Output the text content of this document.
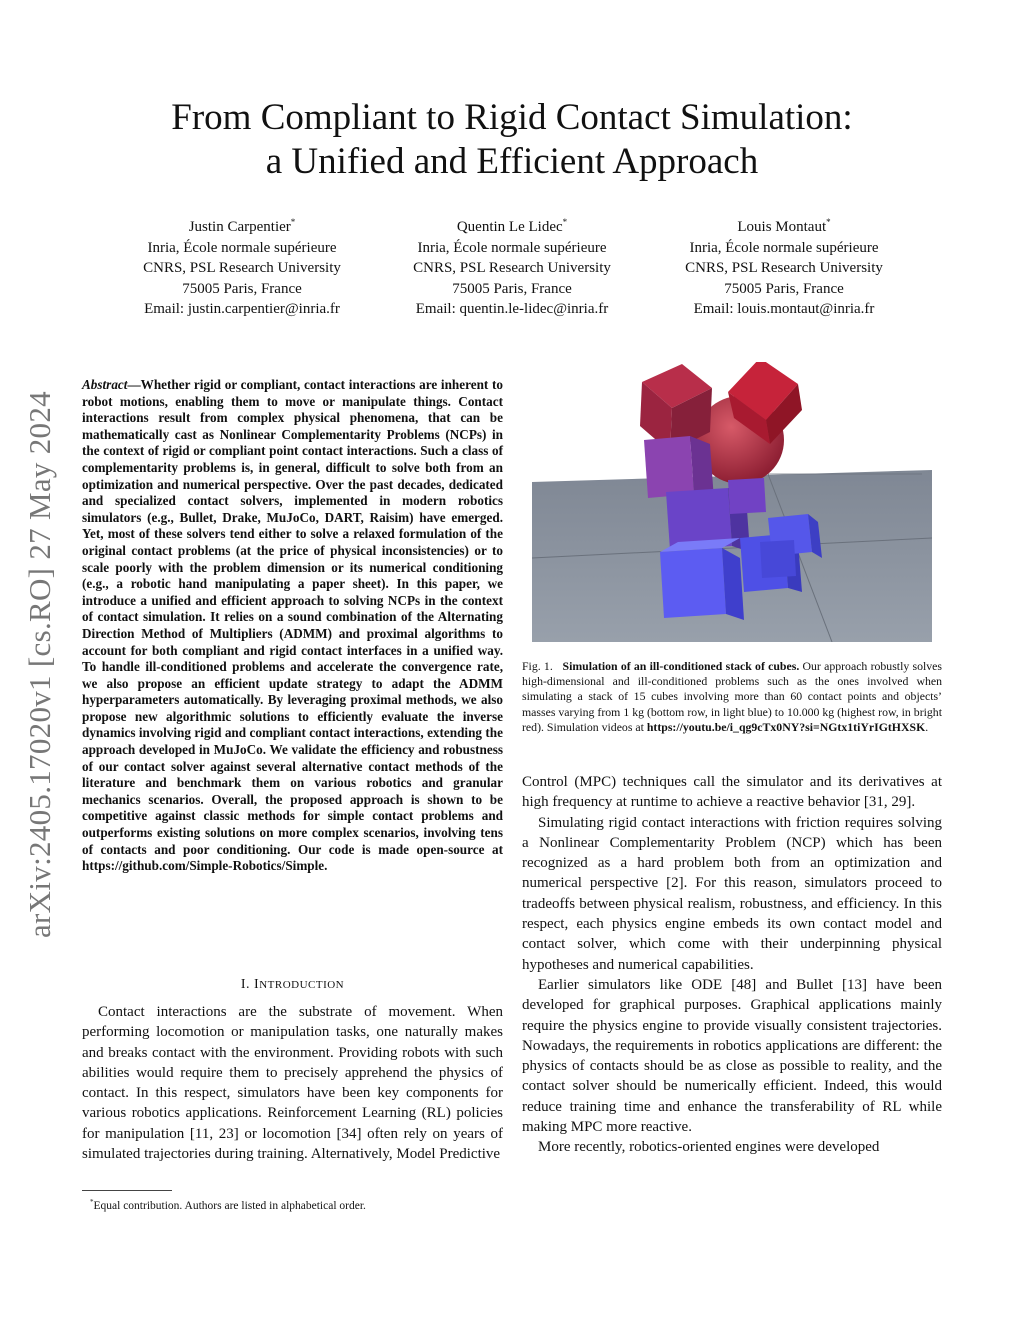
From Compliant to Rigid Contact Simulation:
a Unified and Efficient Approach
Justin Carpentier*
Inria, École normale supérieure
CNRS, PSL Research University
75005 Paris, France
Email: justin.carpentier@inria.fr
Quentin Le Lidec*
Inria, École normale supérieure
CNRS, PSL Research University
75005 Paris, France
Email: quentin.le-lidec@inria.fr
Louis Montaut*
Inria, École normale supérieure
CNRS, PSL Research University
75005 Paris, France
Email: louis.montaut@inria.fr
arXiv:2405.17020v1 [cs.RO] 27 May 2024

Abstract—Whether rigid or compliant, contact interactions are inherent to robot motions, enabling them to move or manipulate things. Contact interactions result from complex physical phenomena, that can be mathematically cast as Nonlinear Complementarity Problems (NCPs) in the context of rigid or compliant point contact interactions. Such a class of complementarity problems is, in general, difficult to solve both from an optimization and numerical perspective. Over the past decades, dedicated and specialized contact solvers, implemented in modern robotics simulators (e.g., Bullet, Drake, MuJoCo, DART, Raisim) have emerged. Yet, most of these solvers tend either to solve a relaxed formulation of the original contact problems (at the price of physical inconsistencies) or to scale poorly with the problem dimension or its numerical conditioning (e.g., a robotic hand manipulating a paper sheet). In this paper, we introduce a unified and efficient approach to solving NCPs in the context of contact simulation. It relies on a sound combination of the Alternating Direction Method of Multipliers (ADMM) and proximal algorithms to account for both compliant and rigid contact interfaces in a unified way. To handle ill-conditioned problems and accelerate the convergence rate, we also propose an efficient update strategy to adapt the ADMM hyperparameters automatically. By leveraging proximal methods, we also propose new algorithmic solutions to efficiently evaluate the inverse dynamics involving rigid and compliant contact interactions, extending the approach developed in MuJoCo. We validate the efficiency and robustness of our contact solver against several alternative contact methods of the literature and benchmark them on various robotics and granular mechanics scenarios. Overall, the proposed approach is shown to be competitive against classic methods for simple contact problems and outperforms existing solutions on more complex scenarios, involving tens of contacts and poor conditioning. Our code is made open-source at https://github.com/Simple-Robotics/Simple.

I. INTRODUCTION

Contact interactions are the substrate of movement. When performing locomotion or manipulation tasks, one naturally makes and breaks contact with the environment. Providing robots with such abilities would require them to precisely apprehend the physics of contact. In this respect, simulators have been key components for various robotics applications. Reinforcement Learning (RL) policies for manipulation [11, 23] or locomotion [34] often rely on years of simulated trajectories during training. Alternatively, Model Predictive

*Equal contribution. Authors are listed in alphabetical order.

Fig. 1. Simulation of an ill-conditioned stack of cubes. Our approach robustly solves high-dimensional and ill-conditioned problems such as the ones involved when simulating a stack of 15 cubes involving more than 60 contact points and objects’ masses varying from 1 kg (bottom row, in light blue) to 10.000 kg (highest row, in bright red). Simulation videos at https://youtu.be/i_qg9cTx0NY?si=NGtx1tiYrIGtHXSK.

Control (MPC) techniques call the simulator and its derivatives at high frequency at runtime to achieve a reactive behavior [31, 29].

Simulating rigid contact interactions with friction requires solving a Nonlinear Complementarity Problem (NCP) which has been recognized as a hard problem both from an optimization and numerical perspective [2]. For this reason, simulators proceed to tradeoffs between physical realism, robustness, and efficiency. In this respect, each physics engine embeds its own contact model and contact solver, which come with their underpinning physical hypotheses and numerical capabilities.

Earlier simulators like ODE [48] and Bullet [13] have been developed for graphical purposes. Graphical applications mainly require the physics engine to provide visually consistent trajectories. Nowadays, the requirements in robotics applications are different: the physics of contacts should be as close as possible to reality, and the contact solver should be numerically efficient. Indeed, this would reduce training time and enhance the transferability of RL while making MPC more reactive.

More recently, robotics-oriented engines were developed
